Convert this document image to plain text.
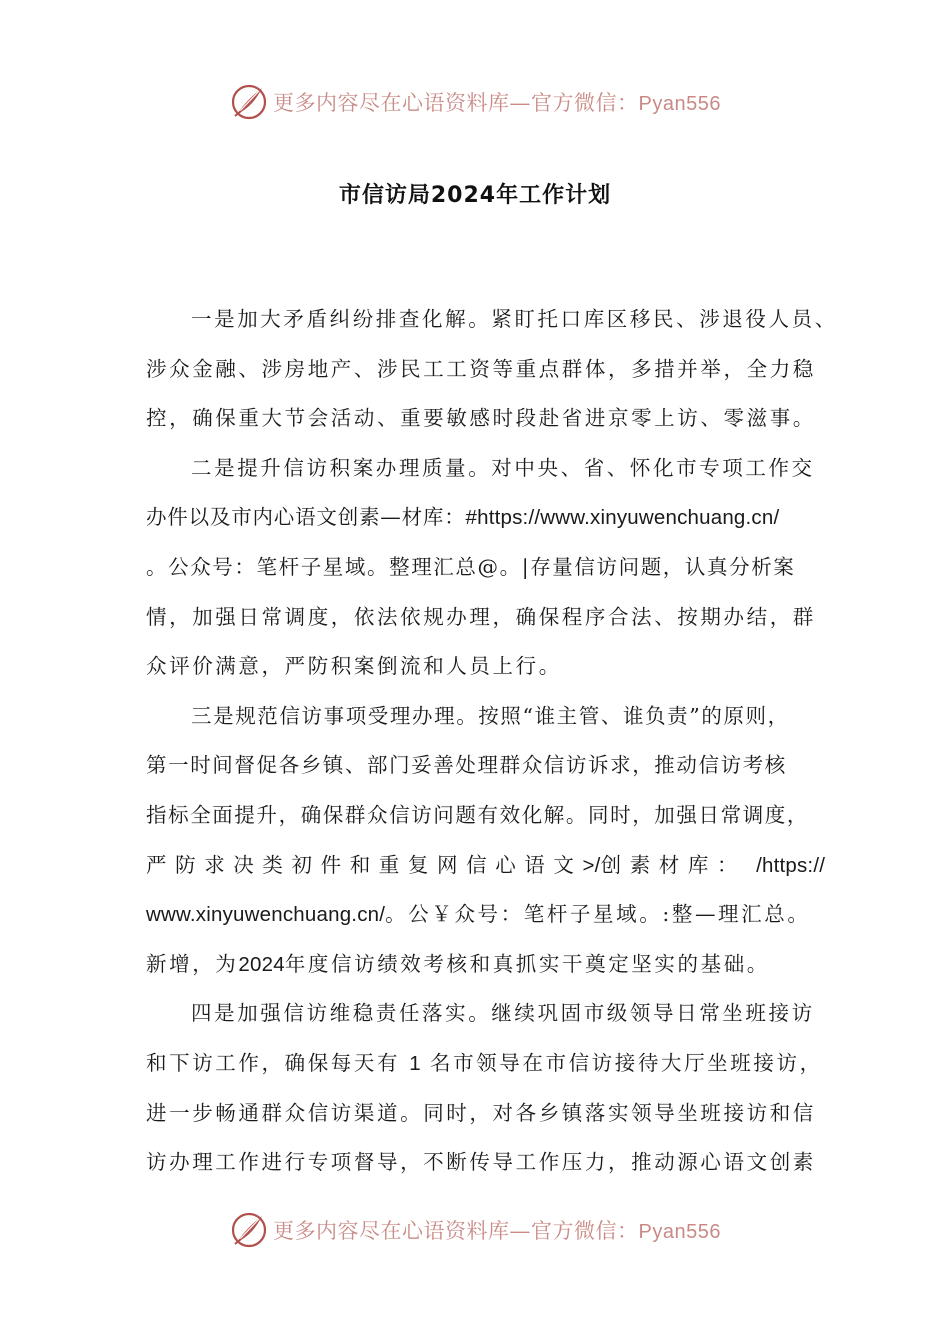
更多内容尽在心语资料库—官方微信：Pyan556
市信访局2024年工作计划
一是加大矛盾纠纷排查化解。紧盯托口库区移民、涉退役人员、
涉众金融、涉房地产、涉民工工资等重点群体，多措并举，全力稳
控，确保重大节会活动、重要敏感时段赴省进京零上访、零滋事。
二是提升信访积案办理质量。对中央、省、怀化市专项工作交
办件以及市内心语文创素—材库：#https://www.xinyuwenchuang.cn/
。公众号：笔杆子星域。整理汇总@。|存量信访问题，认真分析案
情，加强日常调度，依法依规办理，确保程序合法、按期办结，群
众评价满意，严防积案倒流和人员上行。
三是规范信访事项受理办理。按照“谁主管、谁负责”的原则，
第一时间督促各乡镇、部门妥善处理群众信访诉求，推动信访考核
指标全面提升，确保群众信访问题有效化解。同时，加强日常调度，
严防求决类初件和重复网信心语文>/创素材库： /https://
www.xinyuwenchuang.cn/。公￥众号：笔杆子星域。:整—理汇总。
新增，为2024年度信访绩效考核和真抓实干奠定坚实的基础。
四是加强信访维稳责任落实。继续巩固市级领导日常坐班接访
和下访工作，确保每天有 1 名市领导在市信访接待大厅坐班接访，
进一步畅通群众信访渠道。同时，对各乡镇落实领导坐班接访和信
访办理工作进行专项督导，不断传导工作压力，推动源心语文创素
更多内容尽在心语资料库—官方微信：Pyan556
